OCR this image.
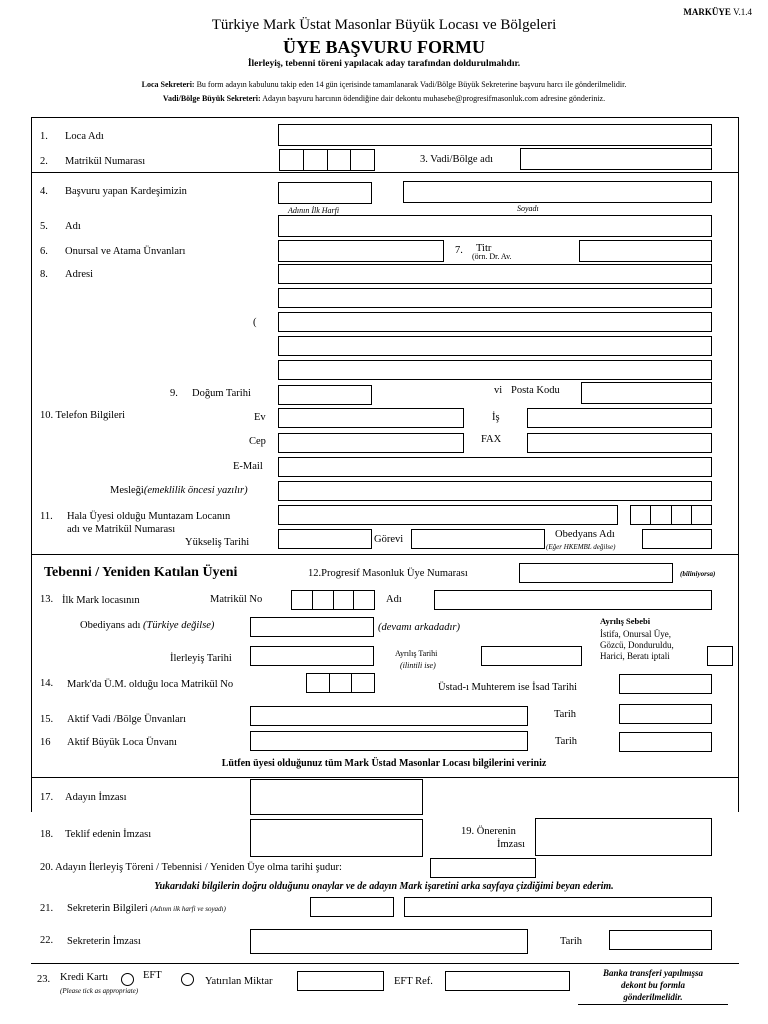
MARKÜYE V.1.4
Türkiye Mark Üstat Masonlar Büyük Locası ve Bölgeleri
ÜYE BAŞVURU FORMU
İlerleyiş, tebenni töreni yapılacak aday tarafından doldurulmalıdır.
Loca Sekreteri: Bu form adayın kabulunu takip eden 14 gün içerisinde tamamlanarak Vadi/Bölge Büyük Sekreterine başvuru harcı ile gönderilmelidir.
Vadi/Bölge Büyük Sekreteri: Adayın başvuru harcının ödendiğine dair dekontu muhasebe@progresifmasonluk.com adresine gönderiniz.
1. Loca Adı
2. Matrikül Numarası	3. Vadi/Bölge adı
4. Başvuru yapan Kardeşimizin
Adının İlk Harfi	Soyadı
5. Adı
6. Onursal ve Atama Ünvanları	7. Titr
(örn. Dr. Av.
8. Adresi
(
9. Doğum Tarihi	vi Posta Kodu
10. Telefon Bilgileri	Ev	İş
Cep	FAX
E-Mail
Mesleği(emeklilik öncesi yazılır)
11. Hala Üyesi olduğu Muntazam Locanın
adı ve Matrikül Numarası
Yükseliş Tarihi	Görevi	Obedyans Adı
(Eğer HKEMBL değilse)
Tebenni / Yeniden Katılan Üyeni	12.Progresif Masonluk Üye Numarası	(biliniyorsa)
13. İlk Mark locasının	Matrikül No	Adı
Obediyans adı (Türkiye değilse)	(devamı arkadadır)
Ayrılış Sebebi
İstifa, Onursal Üye,
Gözcü, Donduruldu,
Harici, Beratı iptali
İlerleyiş Tarihi	Ayrılış Tarihi
(ilintili ise)
14. Mark'da Ü.M. olduğu loca Matrikül No	Üstad-ı Muhterem ise İsad Tarihi
15. Aktif Vadi /Bölge Ünvanları	Tarih
16 Aktif Büyük Loca Ünvanı	Tarih
Lütfen üyesi olduğunuz tüm Mark Üstad Masonlar Locası bilgilerini veriniz
17. Adayın İmzası
18. Teklif edenin İmzası	19. Önerenin
İmzası
20. Adayın İlerleyiş Töreni / Tebennisi / Yeniden Üye olma tarihi şudur:
Yukarıdaki bilgilerin doğru olduğunu onaylar ve de adayın Mark işaretini arka sayfaya çizdiğimi beyan ederim.
21. Sekreterin Bilgileri (Adının ilk harfi ve soyadı)
22. Sekreterin İmzası	Tarih
23. Kredi Kartı	EFT
Yatırılan Miktar
(Please tick as appropriate)
EFT Ref.
Banka transferi yapılmışsa
dekont bu formla
gönderilmelidir.
